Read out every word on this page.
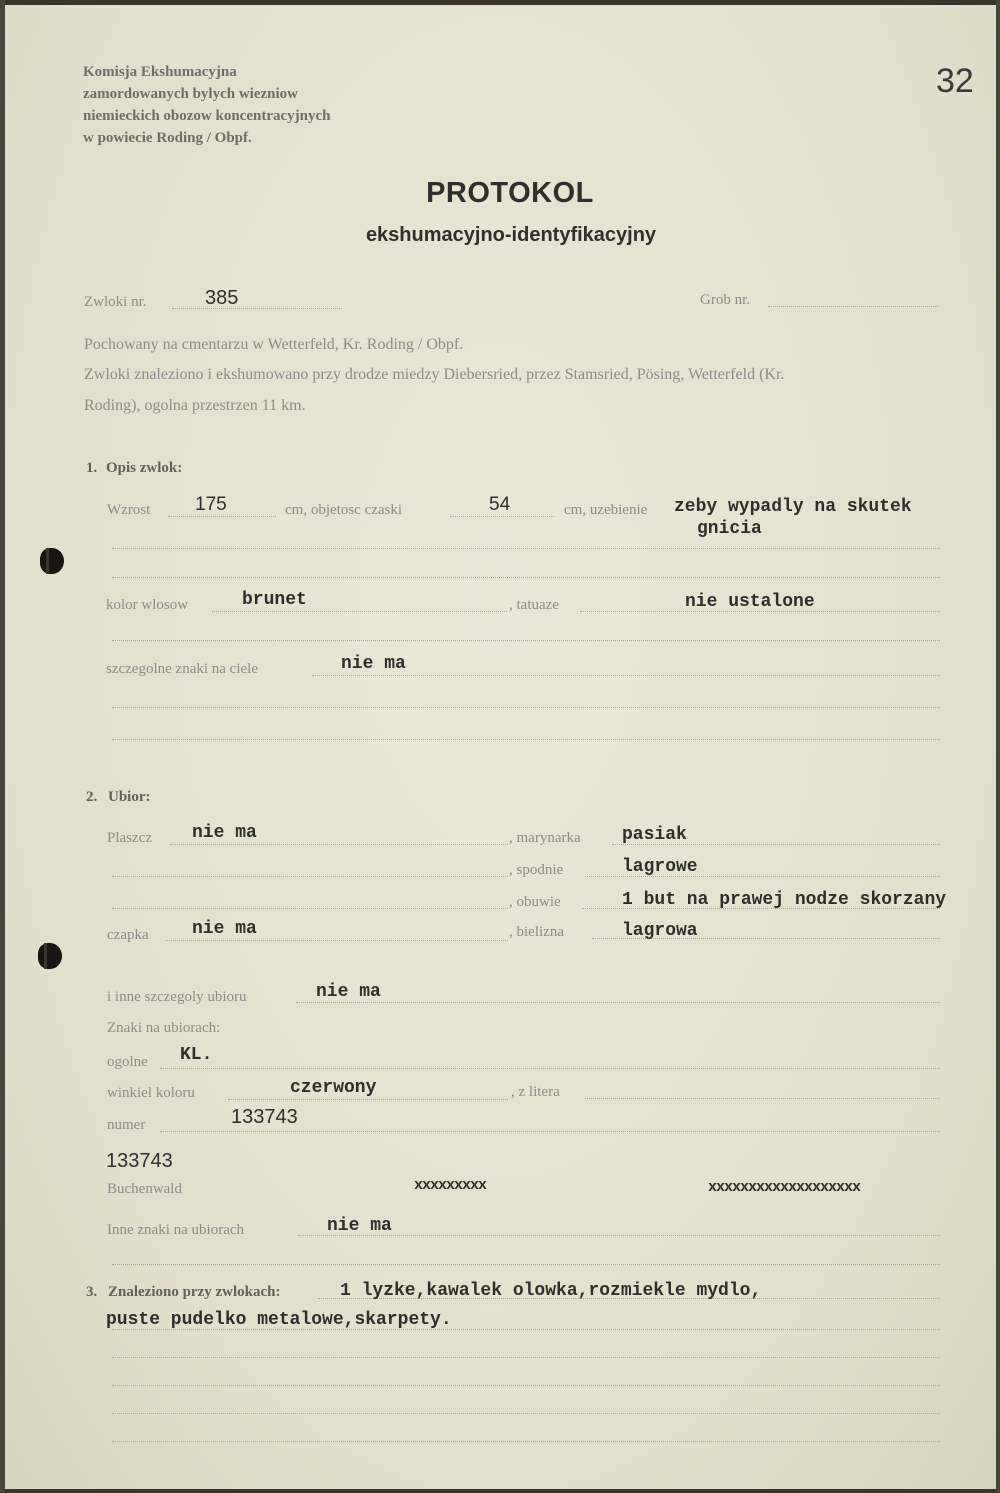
Komisja Ekshumacyjna
zamordowanych bylych wiezniow
niemieckich obozow koncentracyjnych
w powiecie Roding / Obpf.
32
PROTOKOL
ekshumacyjno-identyfikacyjny
Zwloki nr.	385	Grob nr.
Pochowany na cmentarzu w Wetterfeld, Kr. Roding / Obpf.
Zwloki znaleziono i ekshumowano przy drodze miedzy Diebersried, przez Stamsried, Pösing, Wetterfeld (Kr.
Roding), ogolna przestrzen 11 km.
1. Opis zwlok:
Wzrost 175	cm, objetosc czaski	54	cm, uzebienie zeby wypadly na skutek
gnicia
kolor wlosow	brunet	, tatuaze	nie ustalone
szczegolne znaki na ciele	nie ma
2. Ubior:
Plaszcz nie ma	, marynarka pasiak
, spodnie	lagrowe
, obuwie	1 but na prawej nodze skorzany
czapka nie ma	, bielizna	lagrowa
i inne szczegoly ubioru	nie ma
Znaki na ubiorach:
ogolne KL.
winkiel koloru	czerwony	, z litera
numer	133743
133743
Buchenwald	xxxxxxxxx	xxxxxxxxxxxxxxxxxxx
Inne znaki na ubiorach	nie ma
3. Znaleziono przy zwlokach:	1 lyzke,kawalek olowka,rozmiekle mydlo,
puste pudelko metalowe,skarpety.
